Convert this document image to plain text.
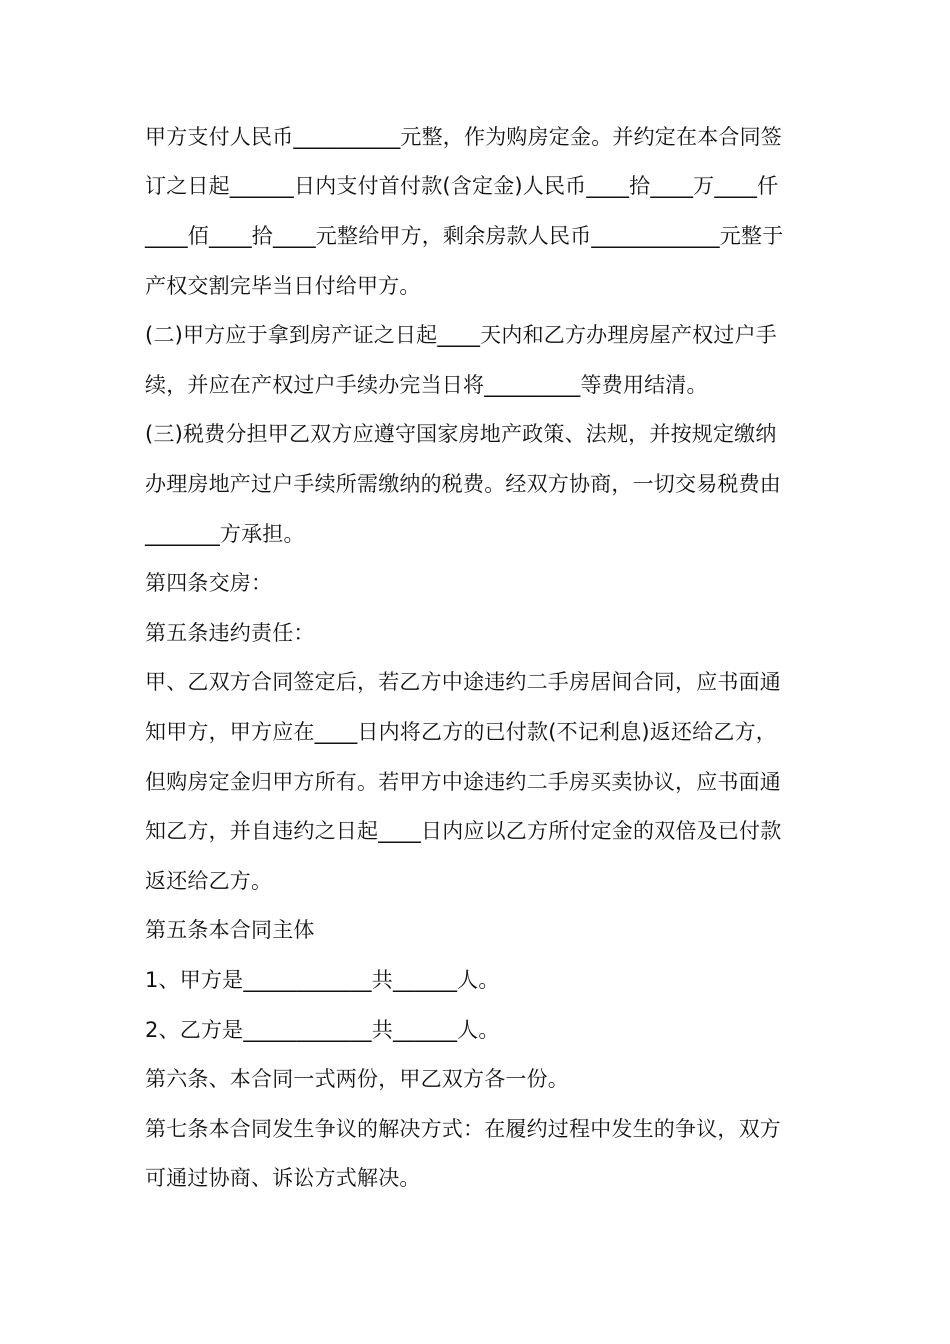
甲方支付人民币__________元整，作为购房定金。并约定在本合同签
订之日起______日内支付首付款(含定金)人民币____拾____万____仟
____佰____拾____元整给甲方，剩余房款人民币____________元整于
产权交割完毕当日付给甲方。
(二)甲方应于拿到房产证之日起____天内和乙方办理房屋产权过户手
续，并应在产权过户手续办完当日将_________等费用结清。
(三)税费分担甲乙双方应遵守国家房地产政策、法规，并按规定缴纳
办理房地产过户手续所需缴纳的税费。经双方协商，一切交易税费由
_______方承担。
第四条交房：
第五条违约责任：
甲、乙双方合同签定后，若乙方中途违约二手房居间合同，应书面通
知甲方，甲方应在____日内将乙方的已付款(不记利息)返还给乙方，
但购房定金归甲方所有。若甲方中途违约二手房买卖协议，应书面通
知乙方，并自违约之日起____日内应以乙方所付定金的双倍及已付款
返还给乙方。
第五条本合同主体
1、甲方是____________共______人。
2、乙方是____________共______人。
第六条、本合同一式两份，甲乙双方各一份。
第七条本合同发生争议的解决方式：在履约过程中发生的争议，双方
可通过协商、诉讼方式解决。
